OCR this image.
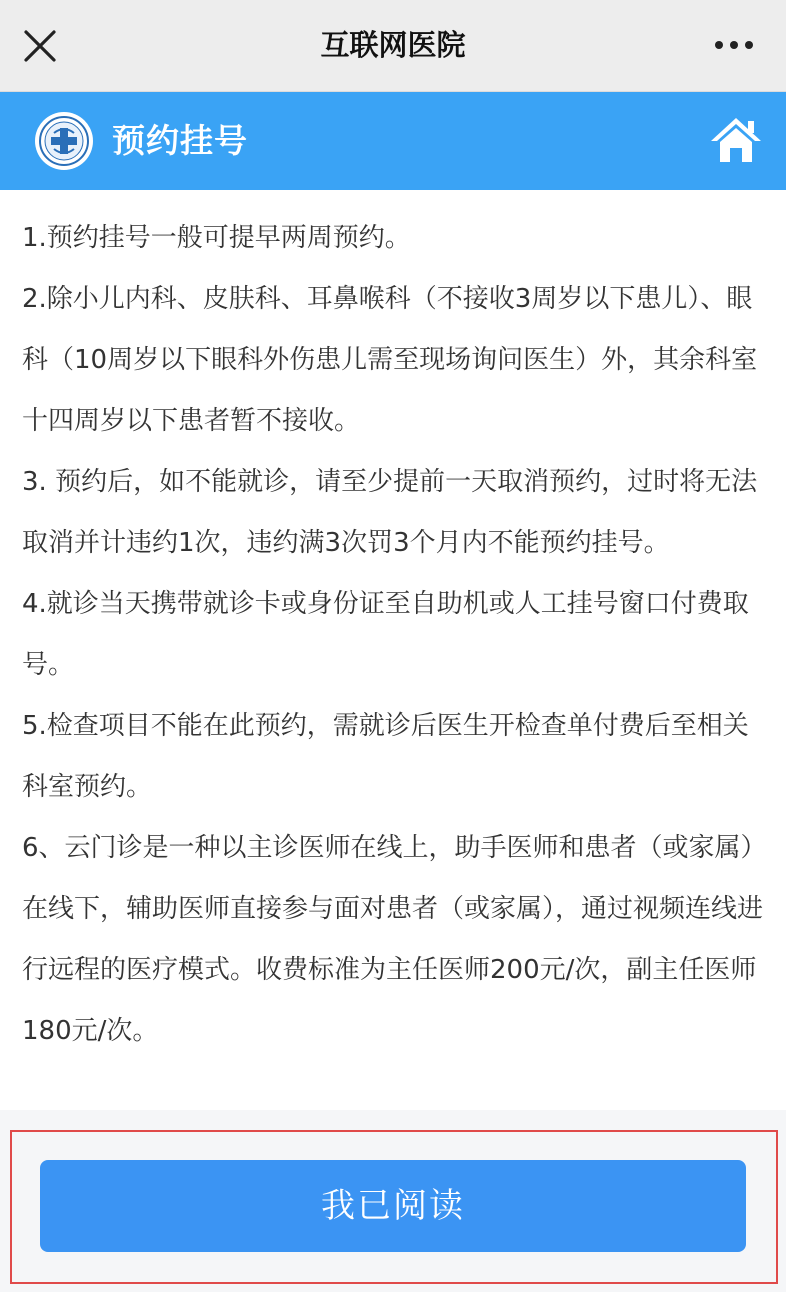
互联网医院
预约挂号

1.预约挂号一般可提早两周预约。

2.除小儿内科、皮肤科、耳鼻喉科（不接收3周岁以下患儿）、眼科（10周岁以下眼科外伤患儿需至现场询问医生）外，其余科室十四周岁以下患者暂不接收。

3. 预约后，如不能就诊，请至少提前一天取消预约，过时将无法取消并计违约1次，违约满3次罚3个月内不能预约挂号。

4.就诊当天携带就诊卡或身份证至自助机或人工挂号窗口付费取号。

5.检查项目不能在此预约，需就诊后医生开检查单付费后至相关科室预约。

6、云门诊是一种以主诊医师在线上，助手医师和患者（或家属）在线下，辅助医师直接参与面对患者（或家属），通过视频连线进行远程的医疗模式。收费标准为主任医师200元/次，副主任医师180元/次。

我已阅读
